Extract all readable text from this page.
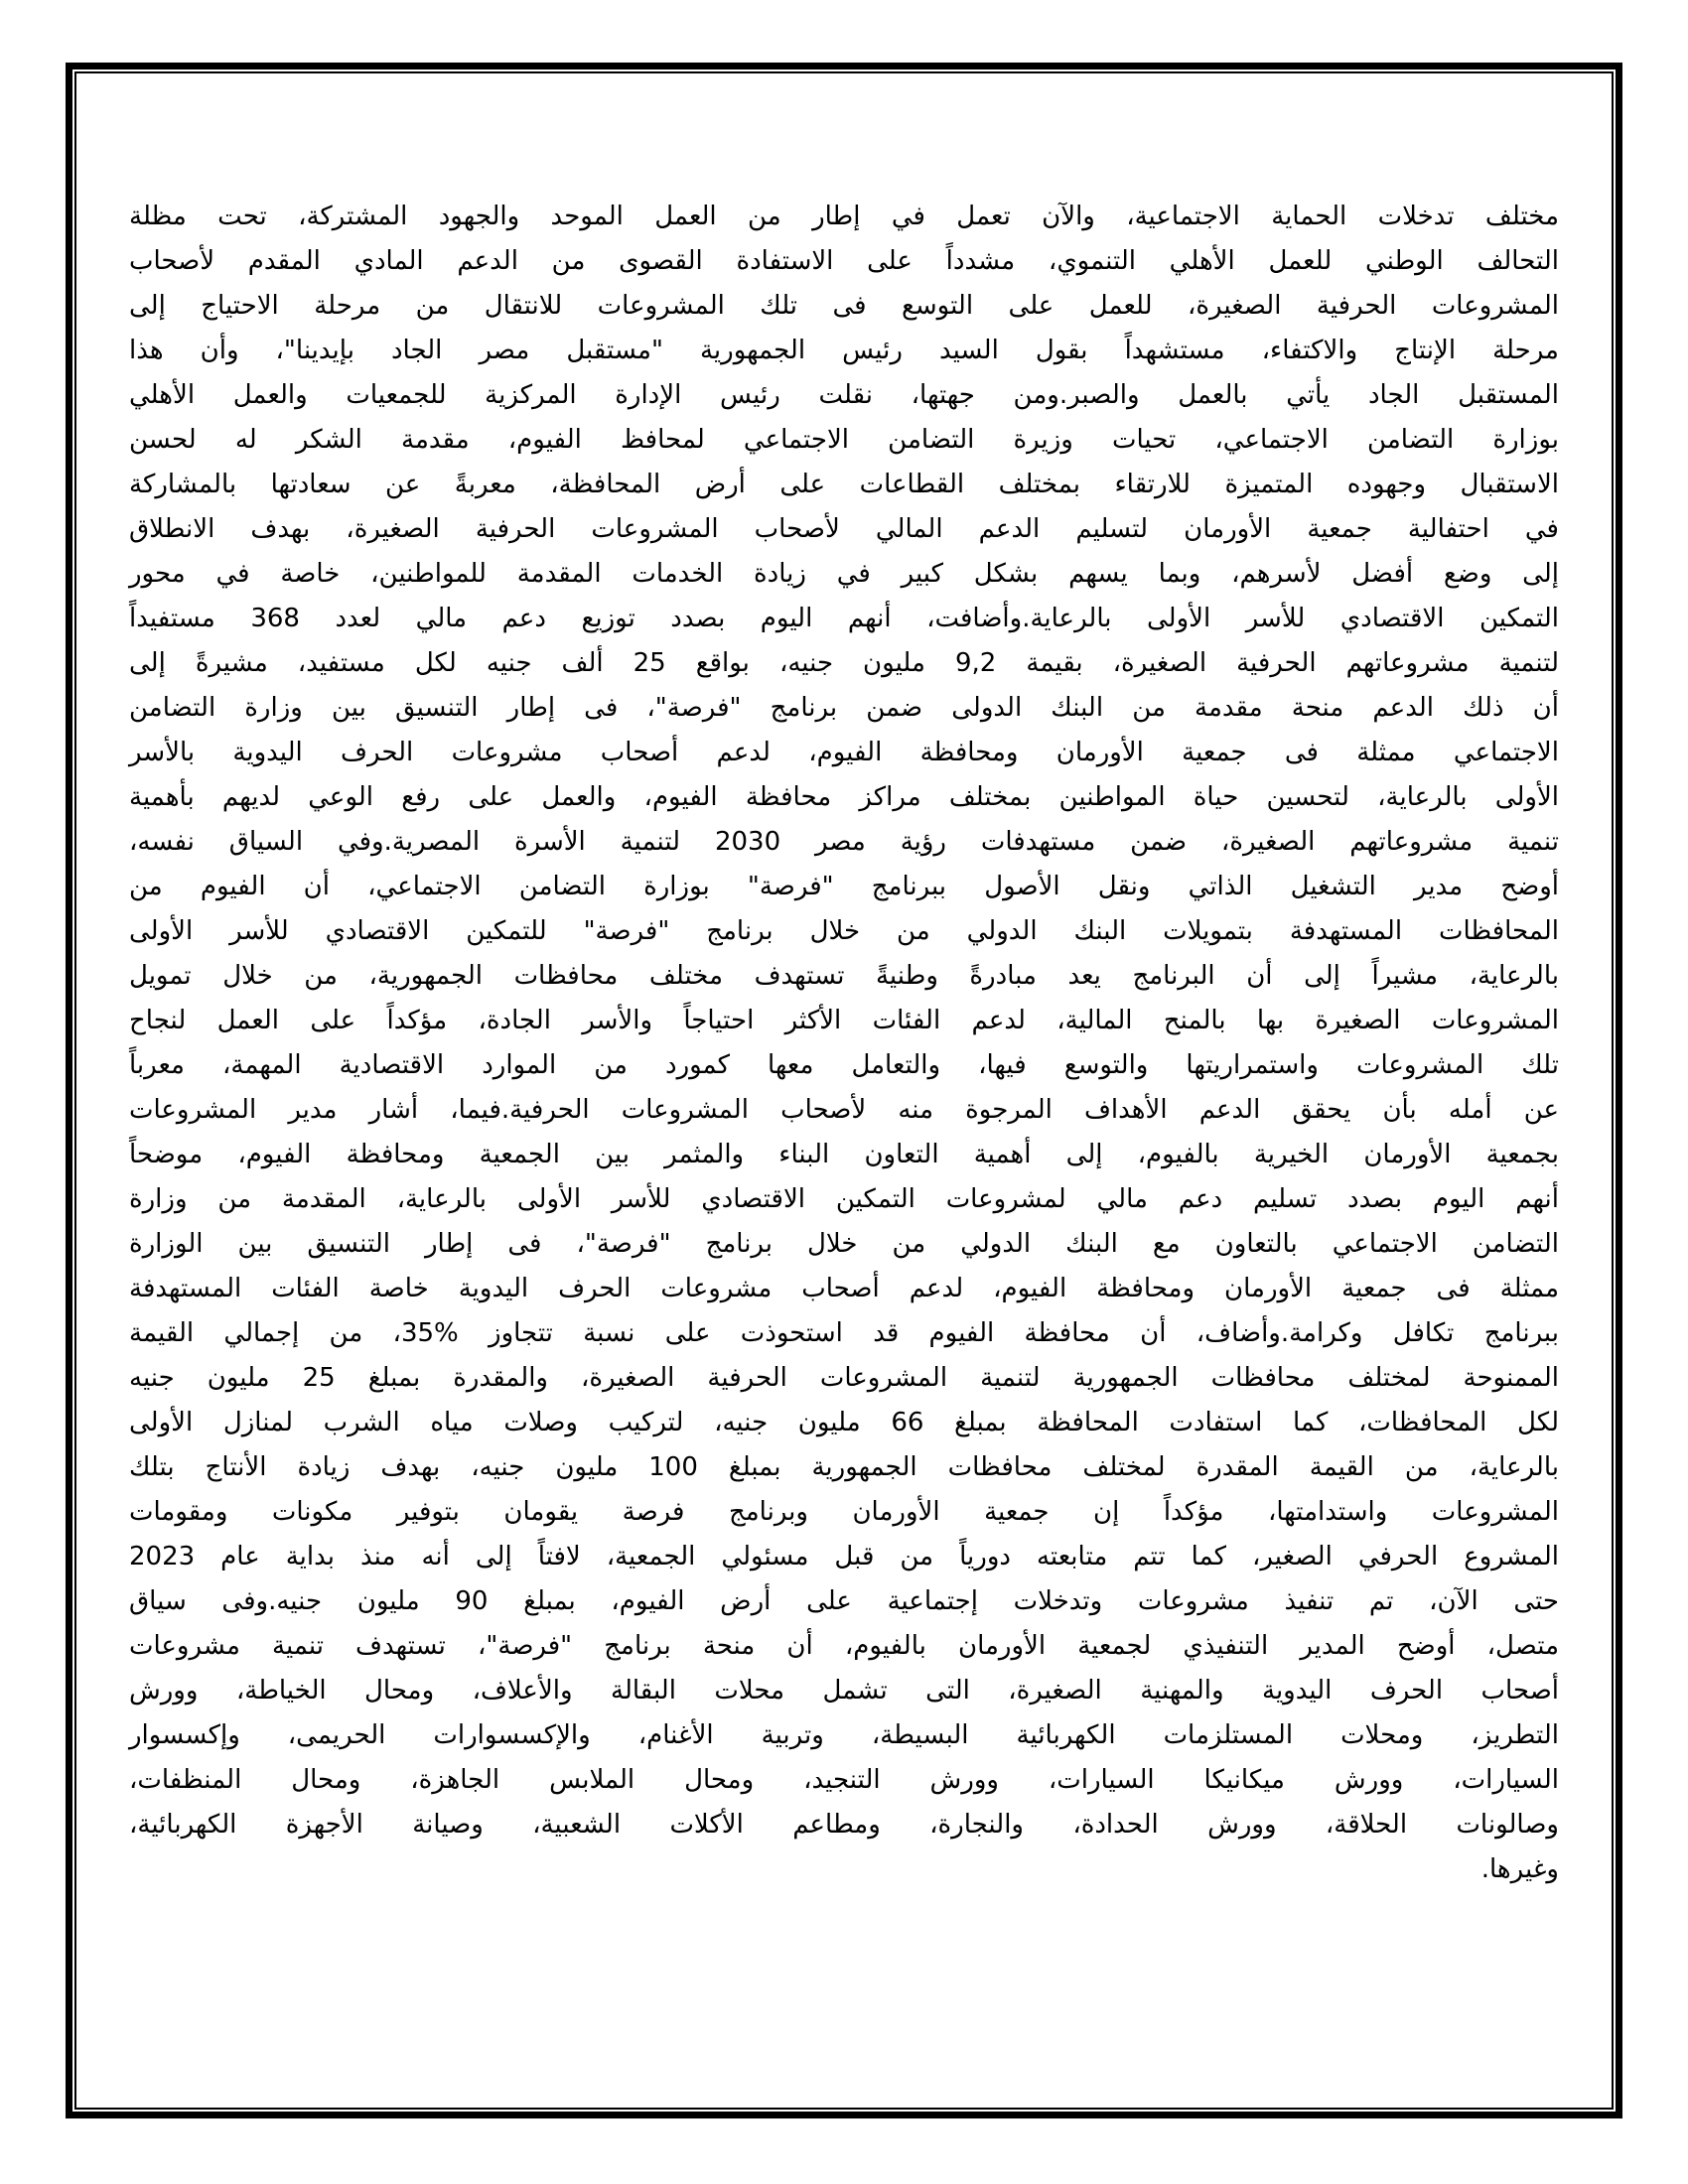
مختلف تدخلات الحماية الاجتماعية، والآن تعمل في إطار من العمل الموحد والجهود المشتركة، تحت مظلة
التحالف الوطني للعمل الأهلي التنموي، مشدداً على الاستفادة القصوى من الدعم المادي المقدم لأصحاب
المشروعات الحرفية الصغيرة، للعمل على التوسع فى تلك المشروعات للانتقال من مرحلة الاحتياج إلى
مرحلة الإنتاج والاكتفاء، مستشهداً بقول السيد رئيس الجمهورية "مستقبل مصر الجاد بإيدينا"، وأن هذا
المستقبل الجاد يأتي بالعمل والصبر.ومن جهتها، نقلت رئيس الإدارة المركزية للجمعيات والعمل الأهلي
بوزارة التضامن الاجتماعي، تحيات وزيرة التضامن الاجتماعي لمحافظ الفيوم، مقدمة الشكر له لحسن
الاستقبال وجهوده المتميزة للارتقاء بمختلف القطاعات على أرض المحافظة، معربةً عن سعادتها بالمشاركة
في احتفالية جمعية الأورمان لتسليم الدعم المالي لأصحاب المشروعات الحرفية الصغيرة، بهدف الانطلاق
إلى وضع أفضل لأسرهم، وبما يسهم بشكل كبير في زيادة الخدمات المقدمة للمواطنين، خاصة في محور
التمكين الاقتصادي للأسر الأولى بالرعاية.وأضافت، أنهم اليوم بصدد توزيع دعم مالي لعدد 368 مستفيداً
لتنمية مشروعاتهم الحرفية الصغيرة، بقيمة 9,2 مليون جنيه، بواقع 25 ألف جنيه لكل مستفيد، مشيرةً إلى
أن ذلك الدعم منحة مقدمة من البنك الدولى ضمن برنامج "فرصة"، فى إطار التنسيق بين وزارة التضامن
الاجتماعي ممثلة فى جمعية الأورمان ومحافظة الفيوم، لدعم أصحاب مشروعات الحرف اليدوية بالأسر
الأولى بالرعاية، لتحسين حياة المواطنين بمختلف مراكز محافظة الفيوم، والعمل على رفع الوعي لديهم بأهمية
تنمية مشروعاتهم الصغيرة، ضمن مستهدفات رؤية مصر 2030 لتنمية الأسرة المصرية.وفي السياق نفسه،
أوضح مدير التشغيل الذاتي ونقل الأصول ببرنامج "فرصة" بوزارة التضامن الاجتماعي، أن الفيوم من
المحافظات المستهدفة بتمويلات البنك الدولي من خلال برنامج "فرصة" للتمكين الاقتصادي للأسر الأولى
بالرعاية، مشيراً إلى أن البرنامج يعد مبادرةً وطنيةً تستهدف مختلف محافظات الجمهورية، من خلال تمويل
المشروعات الصغيرة بها بالمنح المالية، لدعم الفئات الأكثر احتياجاً والأسر الجادة، مؤكداً على العمل لنجاح
تلك المشروعات واستمراريتها والتوسع فيها، والتعامل معها كمورد من الموارد الاقتصادية المهمة، معرباً
عن أمله بأن يحقق الدعم الأهداف المرجوة منه لأصحاب المشروعات الحرفية.فيما، أشار مدير المشروعات
بجمعية الأورمان الخيرية بالفيوم، إلى أهمية التعاون البناء والمثمر بين الجمعية ومحافظة الفيوم، موضحاً
أنهم اليوم بصدد تسليم دعم مالي لمشروعات التمكين الاقتصادي للأسر الأولى بالرعاية، المقدمة من وزارة
التضامن الاجتماعي بالتعاون مع البنك الدولي من خلال برنامج "فرصة"، فى إطار التنسيق بين الوزارة
ممثلة فى جمعية الأورمان ومحافظة الفيوم، لدعم أصحاب مشروعات الحرف اليدوية خاصة الفئات المستهدفة
ببرنامج تكافل وكرامة.وأضاف، أن محافظة الفيوم قد استحوذت على نسبة تتجاوز %35، من إجمالي القيمة
الممنوحة لمختلف محافظات الجمهورية لتنمية المشروعات الحرفية الصغيرة، والمقدرة بمبلغ 25 مليون جنيه
لكل المحافظات، كما استفادت المحافظة بمبلغ 66 مليون جنيه، لتركيب وصلات مياه الشرب لمنازل الأولى
بالرعاية، من القيمة المقدرة لمختلف محافظات الجمهورية بمبلغ 100 مليون جنيه، بهدف زيادة الأنتاج بتلك
المشروعات واستدامتها، مؤكداً إن جمعية الأورمان وبرنامج فرصة يقومان بتوفير مكونات ومقومات
المشروع الحرفي الصغير، كما تتم متابعته دورياً من قبل مسئولي الجمعية، لافتاً إلى أنه منذ بداية عام 2023
حتى الآن، تم تنفيذ مشروعات وتدخلات إجتماعية على أرض الفيوم، بمبلغ 90 مليون جنيه.وفى سياق
متصل، أوضح المدير التنفيذي لجمعية الأورمان بالفيوم، أن منحة برنامج "فرصة"، تستهدف تنمية مشروعات
أصحاب الحرف اليدوية والمهنية الصغيرة، التى تشمل محلات البقالة والأعلاف، ومحال الخياطة، وورش
التطريز، ومحلات المستلزمات الكهربائية البسيطة، وتربية الأغنام، والإكسسوارات الحريمى، وإكسسوار
السيارات، وورش ميكانيكا السيارات، وورش التنجيد، ومحال الملابس الجاهزة، ومحال المنظفات،
وصالونات الحلاقة، وورش الحدادة، والنجارة، ومطاعم الأكلات الشعبية، وصيانة الأجهزة الكهربائية،
وغيرها.
